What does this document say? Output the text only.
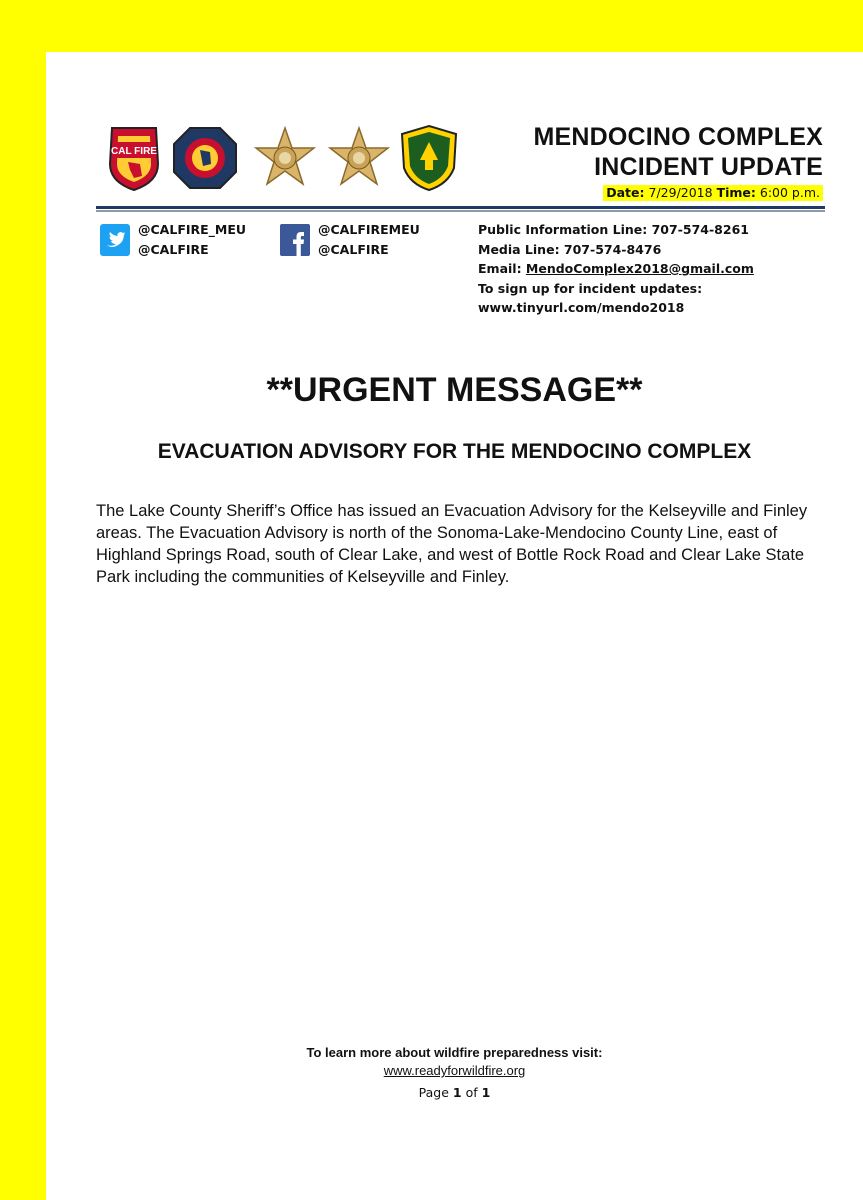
CAL FIRE
MENDOCINO COMPLEX
INCIDENT UPDATE
Date: 7/29/2018 Time: 6:00 p.m.
@CALFIRE_MEU
@CALFIRE
@CALFIREMEU
@CALFIRE
Public Information Line: 707-574-8261
Media Line: 707-574-8476
Email: MendoComplex2018@gmail.com
To sign up for incident updates:
www.tinyurl.com/mendo2018
**URGENT MESSAGE**
EVACUATION ADVISORY FOR THE MENDOCINO COMPLEX
The Lake County Sheriff’s Office has issued an Evacuation Advisory for the Kelseyville and Finley areas. The Evacuation Advisory is north of the Sonoma-Lake-Mendocino County Line, east of Highland Springs Road, south of Clear Lake, and west of Bottle Rock Road and Clear Lake State Park including the communities of Kelseyville and Finley.
To learn more about wildfire preparedness visit:
www.readyforwildfire.org
Page 1 of 1
